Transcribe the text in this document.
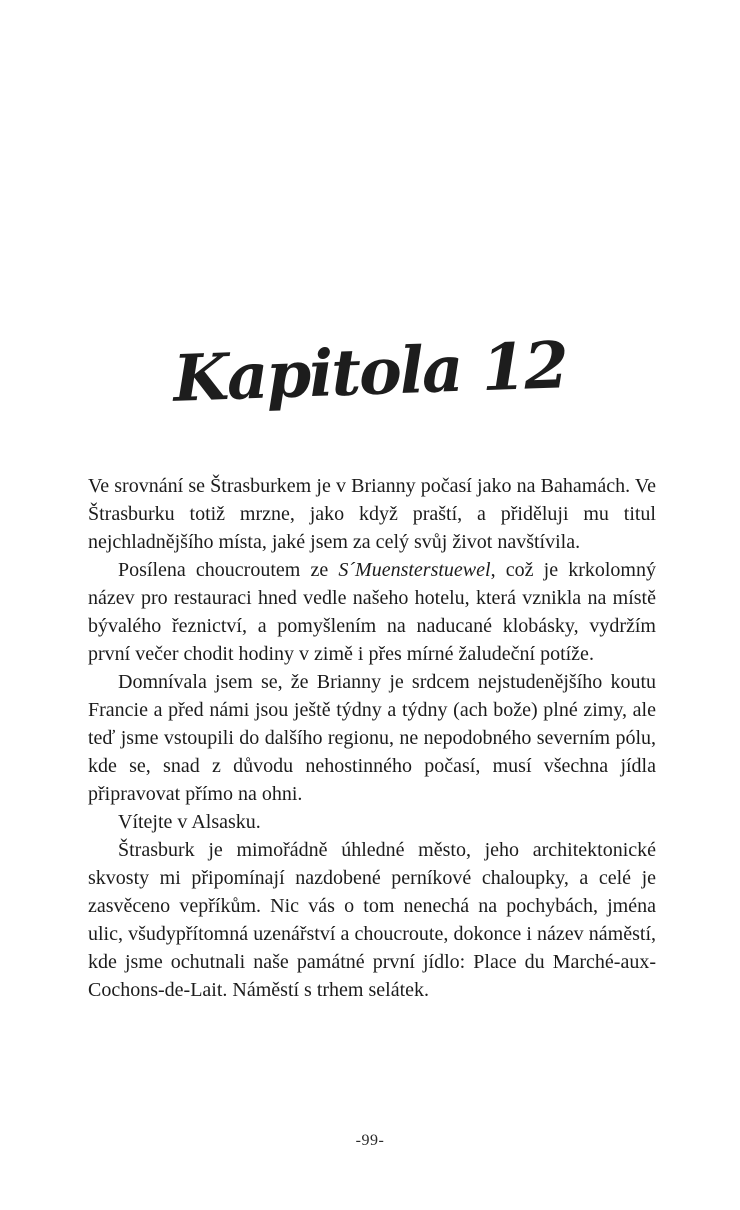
Kapitola 12

Ve srovnání se Štrasburkem je v Brianny počasí jako na Bahamách. Ve Štrasburku totiž mrzne, jako když praští, a přiděluji mu titul nejchladnějšího místa, jaké jsem za celý svůj život navštívila.

Posílena choucroutem ze S´Muensterstuewel, což je krkolomný název pro restauraci hned vedle našeho hotelu, která vznikla na místě bývalého řeznictví, a pomyšlením na naducané klobásky, vydržím první večer chodit hodiny v zimě i přes mírné žaludeční potíže.

Domnívala jsem se, že Brianny je srdcem nejstudenějšího koutu Francie a před námi jsou ještě týdny a týdny (ach bože) plné zimy, ale teď jsme vstoupili do dalšího regionu, ne nepodobného severním pólu, kde se, snad z důvodu nehostinného počasí, musí všechna jídla připravovat přímo na ohni.

Vítejte v Alsasku.

Štrasburk je mimořádně úhledné město, jeho architektonické skvosty mi připomínají nazdobené perníkové chaloupky, a celé je zasvěceno vepříkům. Nic vás o tom nenechá na pochybách, jména ulic, všudypřítomná uzenářství a choucroute, dokonce i název náměstí, kde jsme ochutnali naše památné první jídlo: Place du Marché-aux-Cochons-de-Lait. Náměstí s trhem selátek.

-99-
